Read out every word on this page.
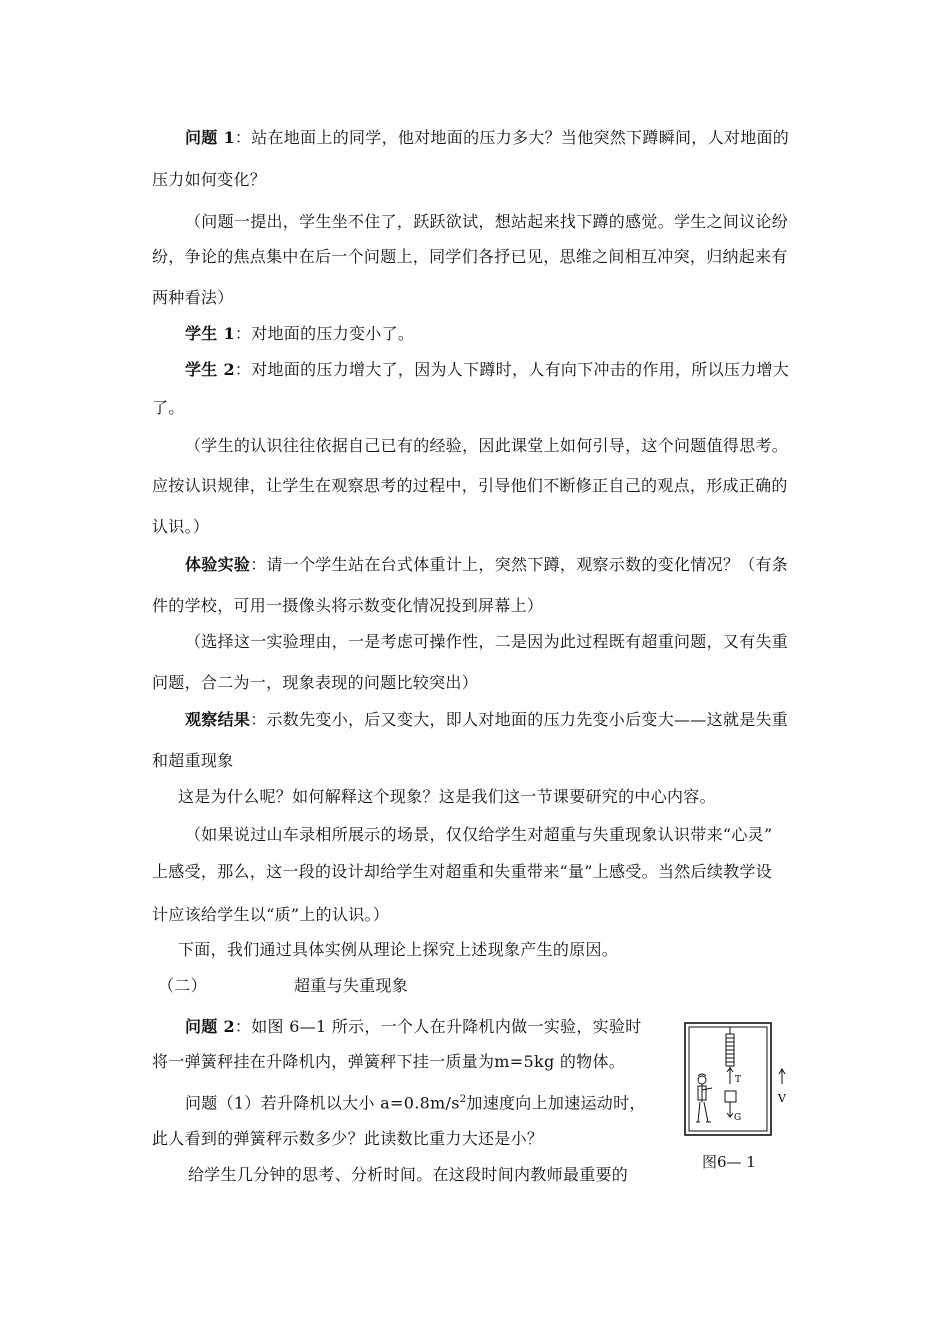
问题 1：站在地面上的同学，他对地面的压力多大？当他突然下蹲瞬间，人对地面的
压力如何变化？
（问题一提出，学生坐不住了，跃跃欲试，想站起来找下蹲的感觉。学生之间议论纷
纷，争论的焦点集中在后一个问题上，同学们各抒已见，思维之间相互冲突，归纳起来有
两种看法）
学生 1：对地面的压力变小了。
学生 2：对地面的压力增大了，因为人下蹲时，人有向下冲击的作用，所以压力增大
了。
（学生的认识往往依据自己已有的经验，因此课堂上如何引导，这个问题值得思考。
应按认识规律，让学生在观察思考的过程中，引导他们不断修正自己的观点，形成正确的
认识。）
体验实验：请一个学生站在台式体重计上，突然下蹲，观察示数的变化情况？（有条
件的学校，可用一摄像头将示数变化情况投到屏幕上）
（选择这一实验理由，一是考虑可操作性，二是因为此过程既有超重问题，又有失重
问题，合二为一，现象表现的问题比较突出）
观察结果：示数先变小，后又变大，即人对地面的压力先变小后变大——这就是失重
和超重现象
这是为什么呢？如何解释这个现象？这是我们这一节课要研究的中心内容。
（如果说过山车录相所展示的场景，仅仅给学生对超重与失重现象认识带来“心灵”
上感受，那么，这一段的设计却给学生对超重和失重带来“量”上感受。当然后续教学设
计应该给学生以“质”上的认识。）
下面，我们通过具体实例从理论上探究上述现象产生的原因。
（二）	超重与失重现象
问题 2：如图 6—1 所示，一个人在升降机内做一实验，实验时
将一弹簧秤挂在升降机内，弹簧秤下挂一质量为m=5kg 的物体。
问题（1）若升降机以大小 $a=0.8m/s^2$加速度向上加速运动时，
此人看到的弹簧秤示数多少？此读数比重力大还是小？
给学生几分钟的思考、分析时间。在这段时间内教师最重要的
T
G
V
图6— 1
